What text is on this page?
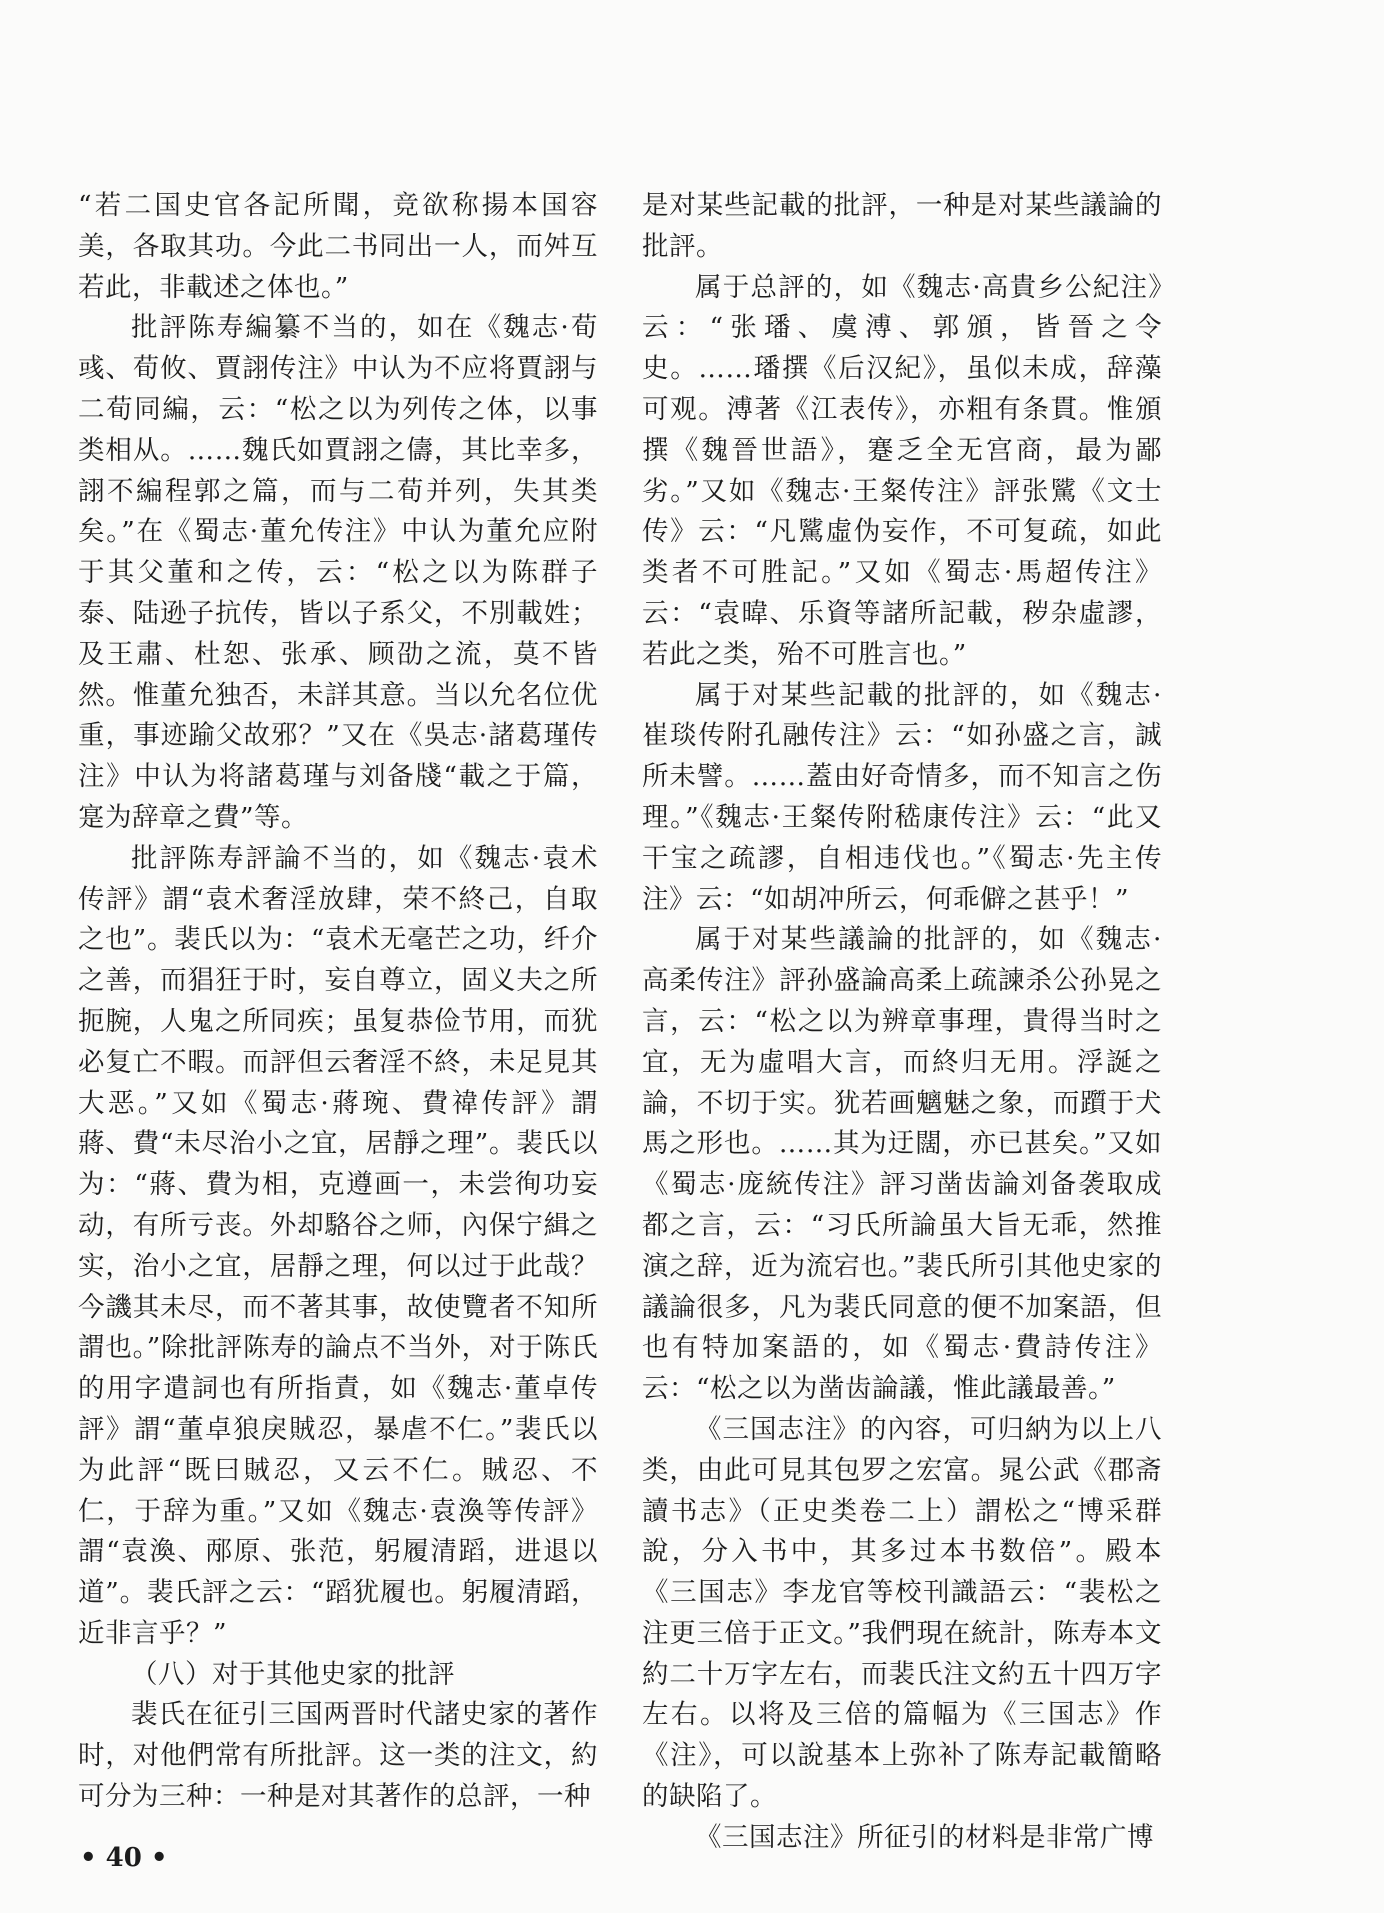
“若二国史官各記所聞，竞欲称揚本国容美，各取其功。今此二书同出一人，而舛互若此，非載述之体也。”

批評陈寿編纂不当的，如在《魏志·荀彧、荀攸、賈詡传注》中认为不应将賈詡与二荀同編，云：“松之以为列传之体，以事类相从。……魏氏如賈詡之儔，其比幸多，詡不編程郭之篇，而与二荀并列，失其类矣。”在《蜀志·董允传注》中认为董允应附于其父董和之传，云：“松之以为陈群子泰、陆逊子抗传，皆以子系父，不別載姓；及王肅、杜恕、张承、顾劭之流，莫不皆然。惟董允独否，未詳其意。当以允名位优重，事迹踰父故邪？”又在《吳志·諸葛瑾传注》中认为将諸葛瑾与刘备牋“載之于篇，寔为辞章之費”等。

批評陈寿評論不当的，如《魏志·袁术传評》謂“袁术奢淫放肆，荣不終己，自取之也”。裴氏以为：“袁术无毫芒之功，纤介之善，而猖狂于时，妄自尊立，固义夫之所扼腕，人鬼之所同疾；虽复恭俭节用，而犹必复亡不暇。而評但云奢淫不終，未足見其大恶。”又如《蜀志·蔣琬、費禕传評》謂蔣、費“未尽治小之宜，居靜之理”。裴氏以为：“蔣、費为相，克遵画一，未尝徇功妄动，有所亏丧。外却駱谷之师，內保宁緝之实，治小之宜，居靜之理，何以过于此哉？今譏其未尽，而不著其事，故使覽者不知所謂也。”除批評陈寿的論点不当外，对于陈氏的用字遣詞也有所指責，如《魏志·董卓传評》謂“董卓狼戾賊忍，暴虐不仁。”裴氏以为此評“既曰賊忍，又云不仁。賊忍、不仁，于辞为重。”又如《魏志·袁渙等传評》謂“袁渙、邴原、张范，躬履清蹈，进退以道”。裴氏評之云：“蹈犹履也。躬履清蹈，近非言乎？”

（八）对于其他史家的批評

裴氏在征引三国两晋时代諸史家的著作时，对他們常有所批評。这一类的注文，約可分为三种：一种是对其著作的总評，一种

是对某些記載的批評，一种是对某些議論的批評。

属于总評的，如《魏志·高貴乡公紀注》云：“张璠、虞溥、郭頒，皆晉之令史。……璠撰《后汉紀》，虽似未成，辞藻可观。溥著《江表传》，亦粗有条貫。惟頒撰《魏晉世語》，蹇乏全无宫商，最为鄙劣。”又如《魏志·王粲传注》評张騭《文士传》云：“凡騭虛伪妄作，不可复疏，如此类者不可胜記。”又如《蜀志·馬超传注》云：“袁暐、乐資等諸所記載，秽杂虛謬，若此之类，殆不可胜言也。”

属于对某些記載的批評的，如《魏志·崔琰传附孔融传注》云：“如孙盛之言，誠所未譬。……蓋由好奇情多，而不知言之伤理。”《魏志·王粲传附嵇康传注》云：“此又干宝之疏謬，自相违伐也。”《蜀志·先主传注》云：“如胡冲所云，何乖僻之甚乎！”

属于对某些議論的批評的，如《魏志·高柔传注》評孙盛論高柔上疏諫杀公孙晃之言，云：“松之以为辨章事理，貴得当时之宜，无为虛唱大言，而終归无用。浮誕之論，不切于实。犹若画魑魅之象，而躓于犬馬之形也。……其为迂闊，亦已甚矣。”又如《蜀志·庞統传注》評习凿齿論刘备袭取成都之言，云：“习氏所論虽大旨无乖，然推演之辞，近为流宕也。”裴氏所引其他史家的議論很多，凡为裴氏同意的便不加案語，但也有特加案語的，如《蜀志·費詩传注》云：“松之以为凿齿論議，惟此議最善。”

《三国志注》的內容，可归納为以上八类，由此可見其包罗之宏富。晁公武《郡斋讀书志》（正史类卷二上）謂松之“博采群說，分入书中，其多过本书数倍”。殿本《三国志》李龙官等校刊識語云：“裴松之注更三倍于正文。”我們現在統計，陈寿本文約二十万字左右，而裴氏注文約五十四万字左右。以将及三倍的篇幅为《三国志》作《注》，可以說基本上弥补了陈寿記載簡略的缺陷了。

《三国志注》所征引的材料是非常广博

• 40 •
